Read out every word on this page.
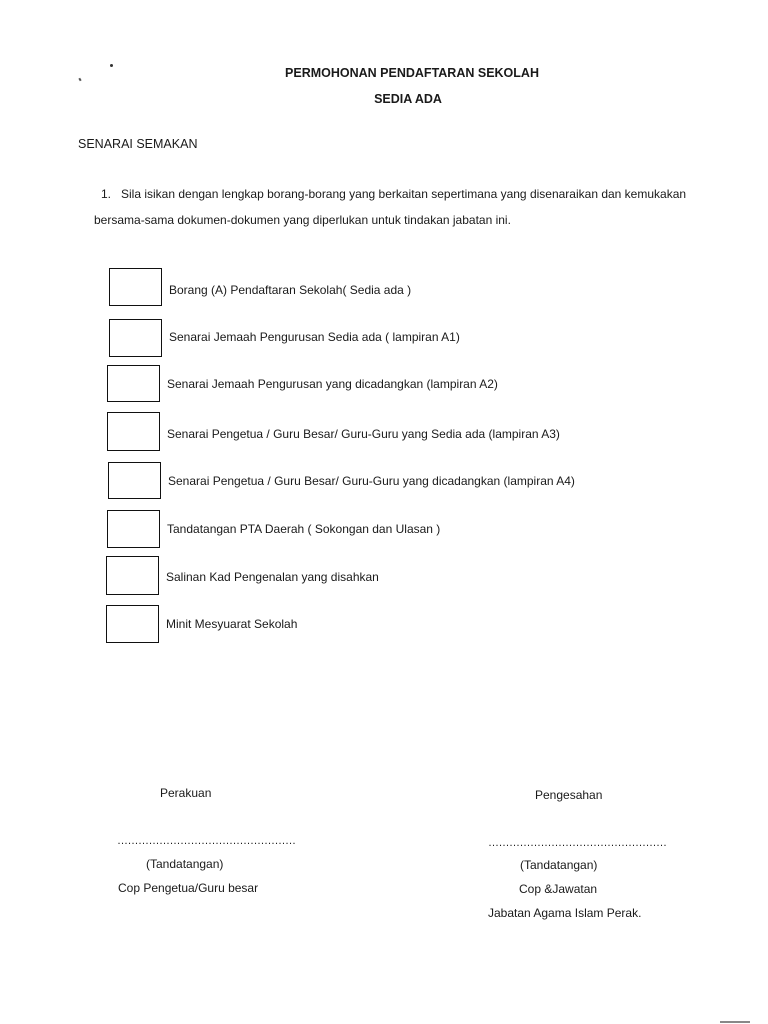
PERMOHONAN PENDAFTARAN SEKOLAH
SEDIA ADA
SENARAI SEMAKAN
1. Sila isikan dengan lengkap borang-borang yang berkaitan sepertimana yang disenaraikan dan kemukakan
bersama-sama dokumen-dokumen yang diperlukan untuk tindakan jabatan ini.
Borang (A) Pendaftaran Sekolah( Sedia ada )
Senarai Jemaah Pengurusan Sedia ada ( lampiran A1)
Senarai Jemaah Pengurusan yang dicadangkan (lampiran A2)
Senarai Pengetua / Guru Besar/ Guru-Guru yang Sedia ada (lampiran A3)
Senarai Pengetua / Guru Besar/ Guru-Guru yang dicadangkan (lampiran A4)
Tandatangan PTA Daerah ( Sokongan dan Ulasan )
Salinan Kad Pengenalan yang disahkan
Minit Mesyuarat Sekolah
Perakuan
……………………………………………
(Tandatangan)
Cop Pengetua/Guru besar
Pengesahan
……………………………………………
(Tandatangan)
Cop &Jawatan
Jabatan Agama Islam Perak.
